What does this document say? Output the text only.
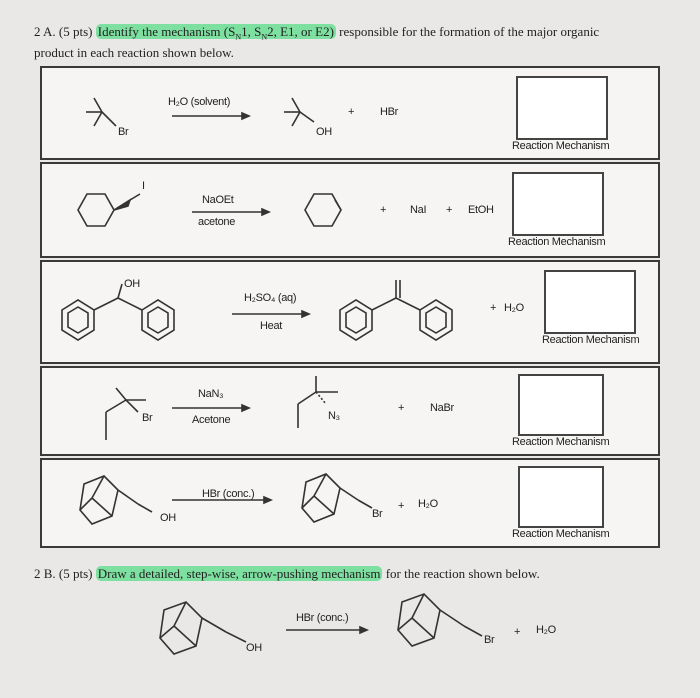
2 A. (5 pts) Identify the mechanism ($S_N1$, $S_N2$, E1, or E2) responsible for the formation of the major organic
product in each reaction shown below.
Br
H₂O (solvent)
OH
+ HBr
Reaction Mechanism
I
NaOEt
acetone
+ NaI + EtOH
Reaction Mechanism
OH
H₂SO₄ (aq)
Heat
+ H₂O
Reaction Mechanism
Br
NaN₃
Acetone	N₃
+ NaBr
Reaction Mechanism
OH
HBr (conc.)
Br
+ H₂O
Reaction Mechanism
2 B. (5 pts) Draw a detailed, step-wise, arrow-pushing mechanism for the reaction shown below.
OH
HBr (conc.)
Br
+ H₂O
